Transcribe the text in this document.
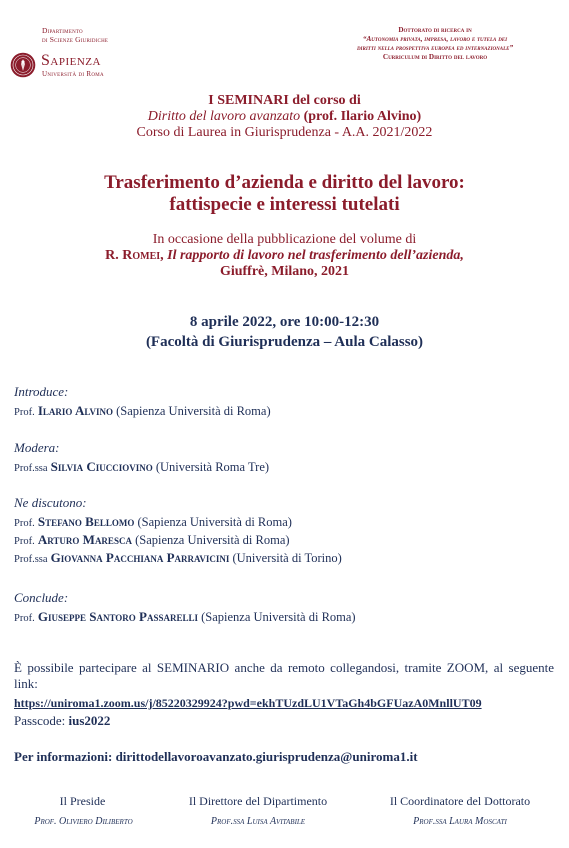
Dipartimento
di Scienze Giuridiche
Sapienza
Università di Roma
Dottorato di ricerca in
“Autonomia privata, impresa, lavoro e tutela dei
diritti nella prospettiva europea ed internazionale”
Curriculum di Diritto del lavoro
I SEMINARI del corso di
Diritto del lavoro avanzato (prof. Ilario Alvino)
Corso di Laurea in Giurisprudenza - A.A. 2021/2022
Trasferimento d’azienda e diritto del lavoro:
fattispecie e interessi tutelati
In occasione della pubblicazione del volume di
R. Romei, Il rapporto di lavoro nel trasferimento dell’azienda,
Giuffrè, Milano, 2021
8 aprile 2022, ore 10:00-12:30
(Facoltà di Giurisprudenza – Aula Calasso)
Introduce:
Prof. Ilario Alvino (Sapienza Università di Roma)
Modera:
Prof.ssa Silvia Ciucciovino (Università Roma Tre)
Ne discutono:
Prof. Stefano Bellomo (Sapienza Università di Roma)
Prof. Arturo Maresca (Sapienza Università di Roma)
Prof.ssa Giovanna Pacchiana Parravicini (Università di Torino)
Conclude:
Prof. Giuseppe Santoro Passarelli (Sapienza Università di Roma)
È possibile partecipare al SEMINARIO anche da remoto collegandosi, tramite ZOOM, al seguente link:
https://uniroma1.zoom.us/j/85220329924?pwd=ekhTUzdLU1VTaGh4bGFUazA0MnllUT09
Passcode: ius2022
Per informazioni: dirittodellavoroavanzato.giurisprudenza@uniroma1.it
Il Preside	Il Direttore del Dipartimento	Il Coordinatore del Dottorato
Prof. Oliviero Diliberto	Prof.ssa Luisa Avitabile	Prof.ssa Laura Moscati
